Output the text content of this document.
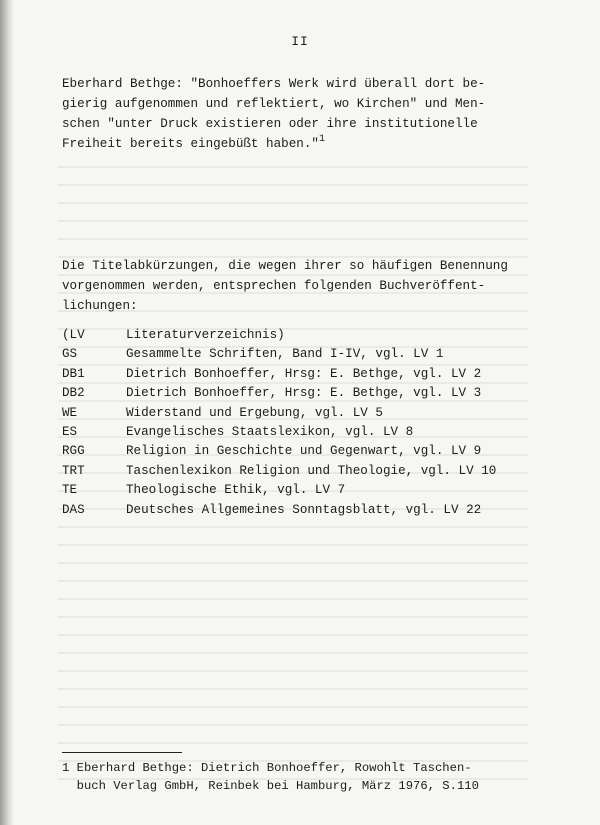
II
Eberhard Bethge: "Bonhoeffers Werk wird überall dort be-
gierig aufgenommen und reflektiert, wo Kirchen" und Men-
schen "unter Druck existieren oder ihre institutionelle
Freiheit bereits eingebüßt haben."$^1$
Die Titelabkürzungen, die wegen ihrer so häufigen Benennung
vorgenommen werden, entsprechen folgenden Buchveröffent-
lichungen:
(LV	Literaturverzeichnis)
GS	Gesammelte Schriften, Band I-IV, vgl. LV 1
DB1	Dietrich Bonhoeffer, Hrsg: E. Bethge, vgl. LV 2
DB2	Dietrich Bonhoeffer, Hrsg: E. Bethge, vgl. LV 3
WE	Widerstand und Ergebung, vgl. LV 5
ES	Evangelisches Staatslexikon, vgl. LV 8
RGG	Religion in Geschichte und Gegenwart, vgl. LV 9
TRT	Taschenlexikon Religion und Theologie, vgl. LV 10
TE	Theologische Ethik, vgl. LV 7
DAS	Deutsches Allgemeines Sonntagsblatt, vgl. LV 22
1 Eberhard Bethge: Dietrich Bonhoeffer, Rowohlt Taschen-
buch Verlag GmbH, Reinbek bei Hamburg, März 1976, S.110
